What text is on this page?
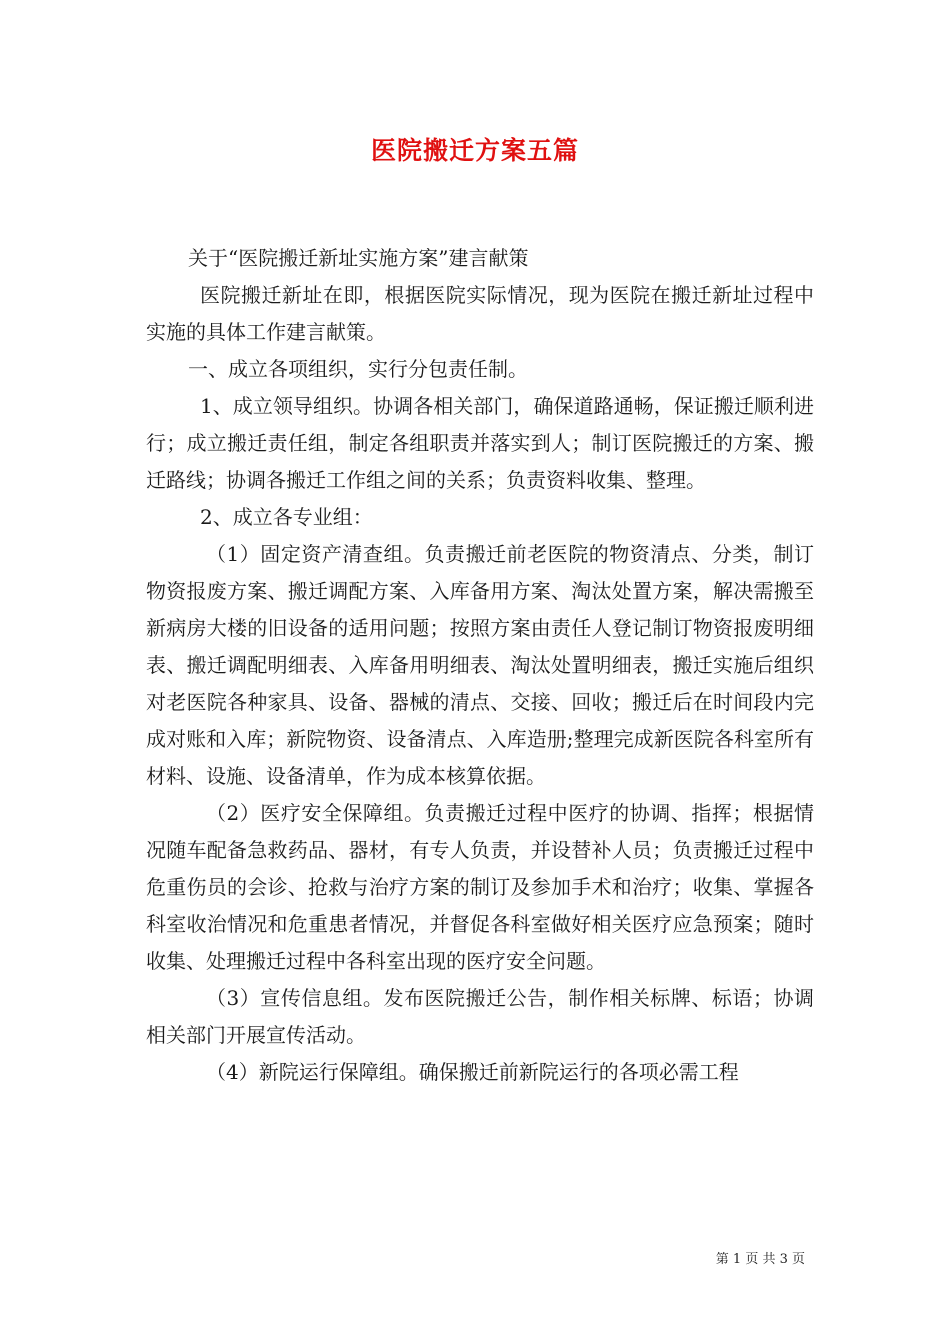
医院搬迁方案五篇

关于“医院搬迁新址实施方案”建言献策

医院搬迁新址在即，根据医院实际情况，现为医院在搬迁新址过程中实施的具体工作建言献策。

一、成立各项组织，实行分包责任制。

1、成立领导组织。协调各相关部门，确保道路通畅，保证搬迁顺利进行；成立搬迁责任组，制定各组职责并落实到人；制订医院搬迁的方案、搬迁路线；协调各搬迁工作组之间的关系；负责资料收集、整理。

2、成立各专业组：

（1）固定资产清查组。负责搬迁前老医院的物资清点、分类，制订物资报废方案、搬迁调配方案、入库备用方案、淘汰处置方案，解决需搬至新病房大楼的旧设备的适用问题；按照方案由责任人登记制订物资报废明细表、搬迁调配明细表、入库备用明细表、淘汰处置明细表，搬迁实施后组织对老医院各种家具、设备、器械的清点、交接、回收；搬迁后在时间段内完成对账和入库；新院物资、设备清点、入库造册;整理完成新医院各科室所有材料、设施、设备清单，作为成本核算依据。

（2）医疗安全保障组。负责搬迁过程中医疗的协调、指挥；根据情况随车配备急救药品、器材，有专人负责，并设替补人员；负责搬迁过程中危重伤员的会诊、抢救与治疗方案的制订及参加手术和治疗；收集、掌握各科室收治情况和危重患者情况，并督促各科室做好相关医疗应急预案；随时收集、处理搬迁过程中各科室出现的医疗安全问题。

（3）宣传信息组。发布医院搬迁公告，制作相关标牌、标语；协调相关部门开展宣传活动。

（4）新院运行保障组。确保搬迁前新院运行的各项必需工程

第 1 页 共 3 页
